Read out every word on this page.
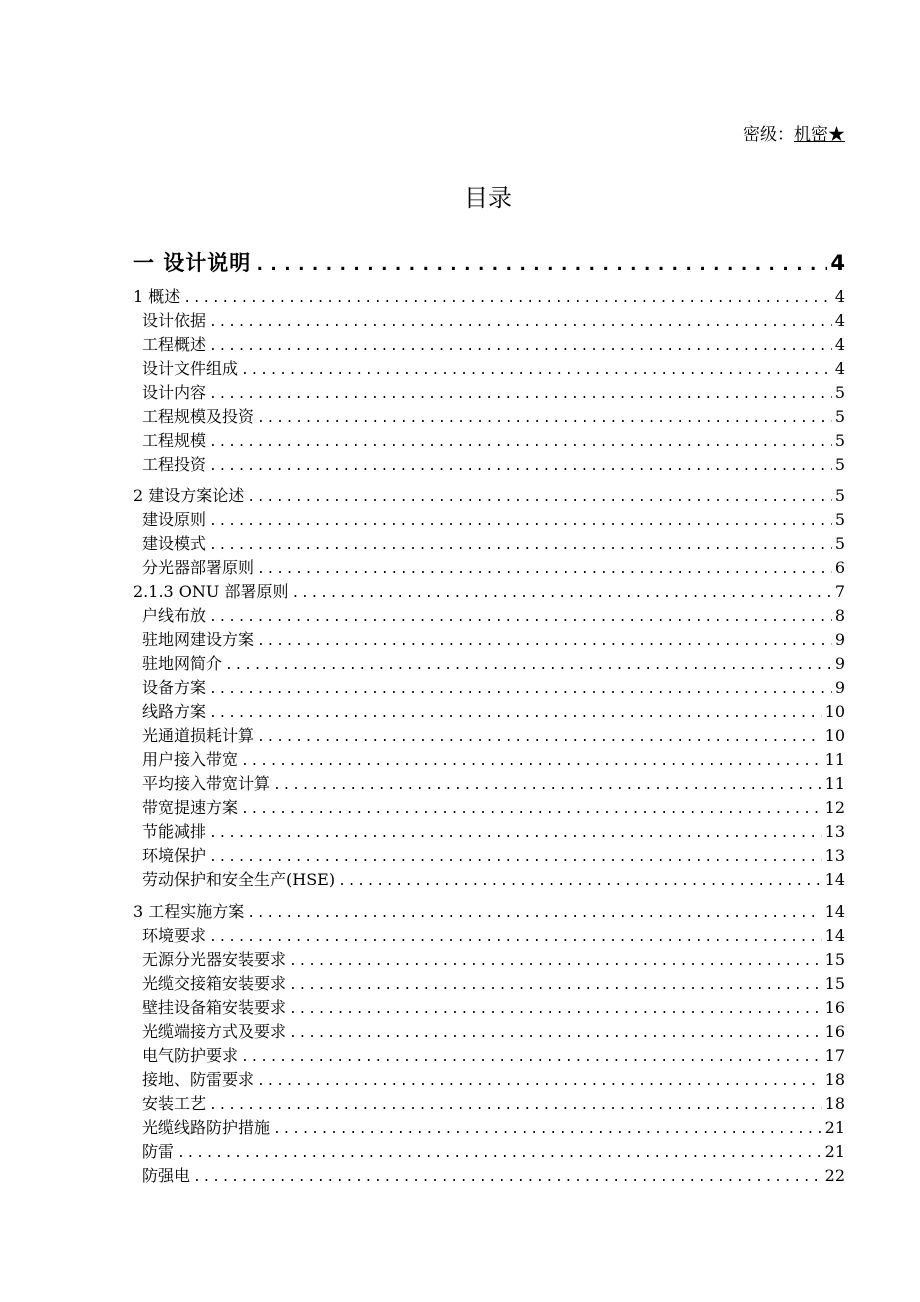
密级：机密★
目录
一 设计说明 .....	4
1 概述 .....	4
设计依据 .....	4
工程概述 .....	4
设计文件组成 .....	4
设计内容 .....	5
工程规模及投资 .....	5
工程规模 .....	5
工程投资 .....	5
2 建设方案论述 .....	5
建设原则 .....	5
建设模式 .....	5
分光器部署原则 .....	6
2.1.3 ONU 部署原则 .....	7
户线布放 .....	8
驻地网建设方案 .....	9
驻地网简介 .....	9
设备方案 .....	9
线路方案 .....	10
光通道损耗计算 .....	10
用户接入带宽 .....	11
平均接入带宽计算 .....	11
带宽提速方案 .....	12
节能减排 .....	13
环境保护 .....	13
劳动保护和安全生产(HSE) .....	14
3 工程实施方案 .....	14
环境要求 .....	14
无源分光器安装要求 .....	15
光缆交接箱安装要求 .....	15
壁挂设备箱安装要求 .....	16
光缆端接方式及要求 .....	16
电气防护要求 .....	17
接地、防雷要求 .....	18
安装工艺 .....	18
光缆线路防护措施 .....	21
防雷 .....	21
防强电 .....	22
